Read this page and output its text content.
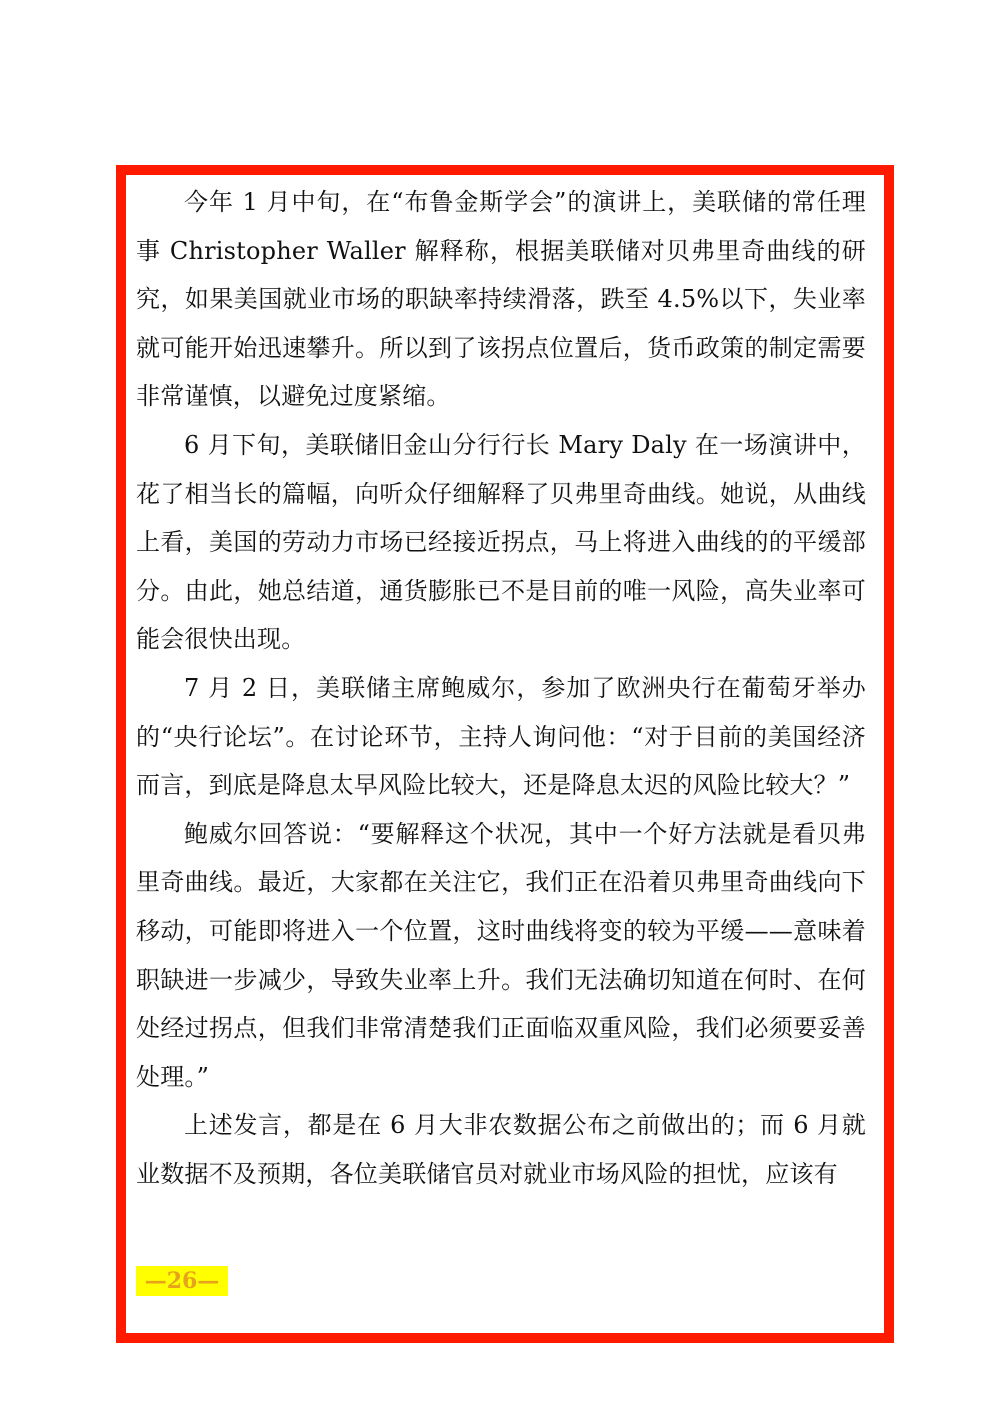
今年 1 月中旬，在“布鲁金斯学会”的演讲上，美联储的常任理事 Christopher Waller 解释称，根据美联储对贝弗里奇曲线的研究，如果美国就业市场的职缺率持续滑落，跌至 4.5%以下，失业率就可能开始迅速攀升。所以到了该拐点位置后，货币政策的制定需要非常谨慎，以避免过度紧缩。

6 月下旬，美联储旧金山分行行长 Mary Daly 在一场演讲中，花了相当长的篇幅，向听众仔细解释了贝弗里奇曲线。她说，从曲线上看，美国的劳动力市场已经接近拐点，马上将进入曲线的的平缓部分。由此，她总结道，通货膨胀已不是目前的唯一风险，高失业率可能会很快出现。

7 月 2 日，美联储主席鲍威尔，参加了欧洲央行在葡萄牙举办的“央行论坛”。在讨论环节，主持人询问他：“对于目前的美国经济而言，到底是降息太早风险比较大，还是降息太迟的风险比较大？”

鲍威尔回答说：“要解释这个状况，其中一个好方法就是看贝弗里奇曲线。最近，大家都在关注它，我们正在沿着贝弗里奇曲线向下移动，可能即将进入一个位置，这时曲线将变的较为平缓——意味着职缺进一步减少，导致失业率上升。我们无法确切知道在何时、在何处经过拐点，但我们非常清楚我们正面临双重风险，我们必须要妥善处理。”

上述发言，都是在 6 月大非农数据公布之前做出的；而 6 月就业数据不及预期，各位美联储官员对就业市场风险的担忧，应该有

—26—
